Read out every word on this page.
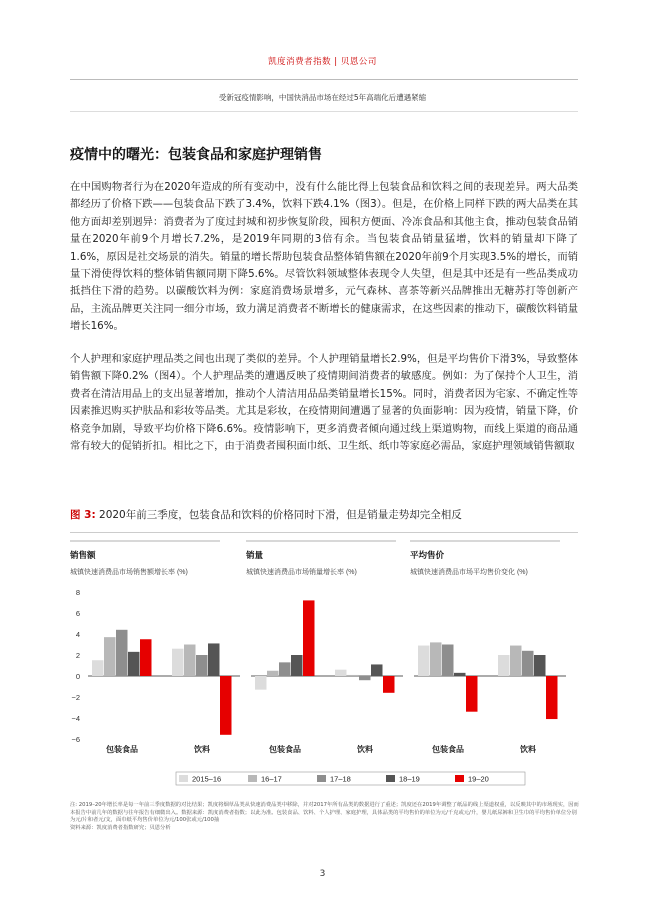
凯度消费者指数 | 贝恩公司
受新冠疫情影响，中国快消品市场在经过5年高端化后遭遇紧缩
疫情中的曙光：包装食品和家庭护理销售
在中国购物者行为在2020年造成的所有变动中，没有什么能比得上包装食品和饮料之间的表现差异。两大品类都经历了价格下跌——包装食品下跌了3.4%，饮料下跌4.1%（图3）。但是，在价格上同样下跌的两大品类在其他方面却差别迥异：消费者为了度过封城和初步恢复阶段，囤积方便面、冷冻食品和其他主食，推动包装食品销量在2020年前9个月增长7.2%，是2019年同期的3倍有余。当包装食品销量猛增，饮料的销量却下降了1.6%，原因是社交场景的消失。销量的增长帮助包装食品整体销售额在2020年前9个月实现3.5%的增长，而销量下滑使得饮料的整体销售额同期下降5.6%。尽管饮料领域整体表现令人失望，但是其中还是有一些品类成功抵挡住下滑的趋势。以碳酸饮料为例：家庭消费场景增多，元气森林、喜茶等新兴品牌推出无糖苏打等创新产品，主流品牌更关注同一细分市场，致力满足消费者不断增长的健康需求，在这些因素的推动下，碳酸饮料销量增长16%。
个人护理和家庭护理品类之间也出现了类似的差异。个人护理销量增长2.9%，但是平均售价下滑3%，导致整体销售额下降0.2%（图4）。个人护理品类的遭遇反映了疫情期间消费者的敏感度。例如：为了保持个人卫生，消费者在清洁用品上的支出显著增加，推动个人清洁用品品类销量增长15%。同时，消费者因为宅家、不确定性等因素推迟购买护肤品和彩妆等品类。尤其是彩妆，在疫情期间遭遇了显著的负面影响：因为疫情，销量下降，价格竞争加剧，导致平均价格下降6.6%。疫情影响下，更多消费者倾向通过线上渠道购物，而线上渠道的商品通常有较大的促销折扣。相比之下，由于消费者囤积面巾纸、卫生纸、纸巾等家庭必需品，家庭护理领域销售额取
图 3: 2020年前三季度，包装食品和饮料的价格同时下滑，但是销量走势却完全相反
8
6
4
2
0
−2
−4
−6
销售额
城镇快速消费品市场销售额增长率 (%)
包装食品	饮料
销量
城镇快速消费品市场销量增长率 (%)
包装食品	饮料
平均售价
城镇快速消费品市场平均售价变化 (%)
包装食品	饮料
2015–16	16–17	17–18	18–19	19–20
注: 2019–20年增长率是每一年前三季度数据的对比结果；凯度将烟草品类从快速消费品类中移除，并对2017年所有品类的数据进行了重述；凯度还在2019年调整了纸品的线上渠道权重，以反映其中的市场现实，因而本报告中前几年的数据与往年报告有细微出入。数据来源：凯度消费者指数；以此为准。包装食品、饮料、个人护理、家庭护理，具体品类的平均售价的单位为元/千克或元/升，婴儿纸尿裤和卫生巾的平均售价单位分别为元/片和者元/支，面巾纸平均售价单位为元/100张或元/100抽
资料来源：凯度消费者指数研究；贝恩分析
3
